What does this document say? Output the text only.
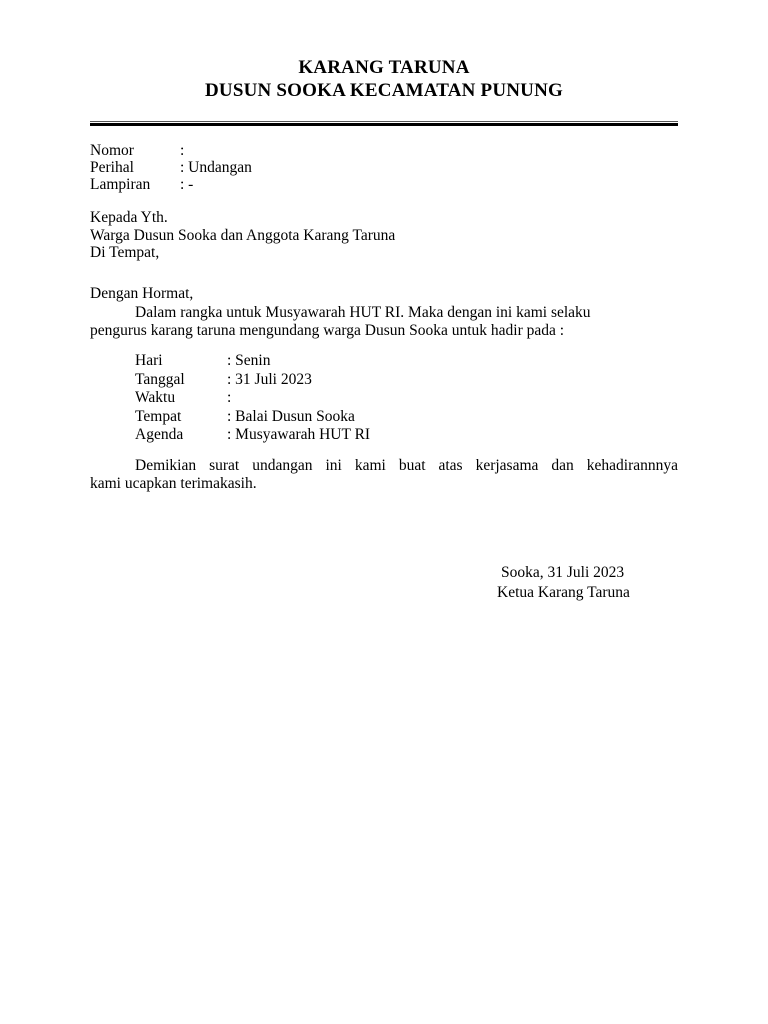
KARANG TARUNA
DUSUN SOOKA KECAMATAN PUNUNG
Nomor	:
Perihal	: Undangan
Lampiran : -
Kepada Yth.
Warga Dusun Sooka dan Anggota Karang Taruna
Di Tempat,
Dengan Hormat,
Dalam rangka untuk Musyawarah HUT RI. Maka dengan ini kami selaku
pengurus karang taruna mengundang warga Dusun Sooka untuk hadir pada :
Hari	: Senin
Tanggal	: 31 Juli 2023
Waktu	:
Tempat	: Balai Dusun Sooka
Agenda	: Musyawarah HUT RI
Demikian surat undangan ini kami buat atas kerjasama dan kehadirannnya
kami ucapkan terimakasih.
Sooka, 31 Juli 2023
Ketua Karang Taruna
